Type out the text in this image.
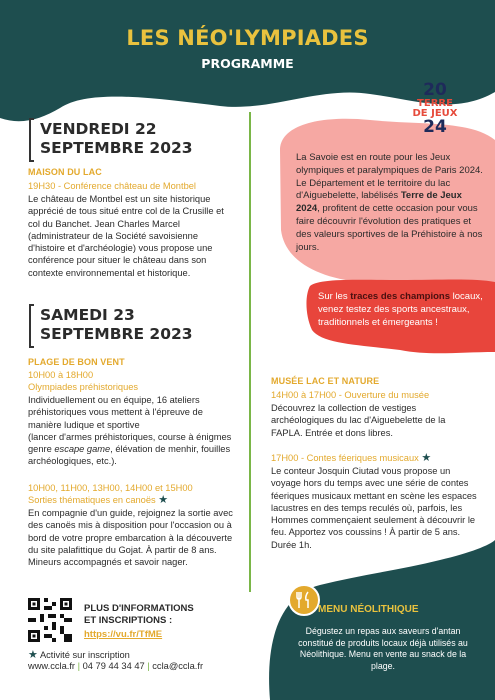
LES NÉO'LYMPIADES
PROGRAMME
20
TERRE
DE JEUX
24
VENDREDI 22
SEPTEMBRE 2023
MAISON DU LAC
19H30 - Conférence château de Montbel
Le château de Montbel est un site historique apprécié de tous situé entre col de la Crusille et col du Banchet. Jean Charles Marcel (administrateur de la Société savoisienne d'histoire et d'archéologie) vous propose une conférence pour situer le château dans son contexte environnemental et historique.
SAMEDI 23
SEPTEMBRE 2023
PLAGE DE BON VENT
10H00 à 18H00
Olympiades préhistoriques
Individuellement ou en équipe, 16 ateliers préhistoriques vous mettent à l'épreuve de manière ludique et sportive
(lancer d'armes préhistoriques, course à énigmes genre escape game, élévation de menhir, fouilles archéologiques, etc.).
10H00, 11H00, 13H00, 14H00 et 15H00
Sorties thématiques en canoës ★
En compagnie d'un guide, rejoignez la sortie avec des canoës mis à disposition pour l'occasion ou à bord de votre propre embarcation à la découverte du site palafittique du Gojat. À partir de 8 ans. Mineurs accompagnés et savoir nager.
La Savoie est en route pour les Jeux olympiques et paralympiques de Paris 2024. Le Département et le territoire du lac d'Aiguebelette, labélisés Terre de Jeux 2024, profitent de cette occasion pour vous faire découvrir l'évolution des pratiques et des valeurs sportives de la Préhistoire à nos jours.
Sur les traces des champions locaux, venez testez des sports ancestraux, traditionnels et émergeants !
MUSÉE LAC ET NATURE
14H00 à 17H00 - Ouverture du musée
Découvrez la collection de vestiges archéologiques du lac d'Aiguebelette de la FAPLA. Entrée et dons libres.
17H00 - Contes féeriques musicaux ★
Le conteur Josquin Ciutad vous propose un voyage hors du temps avec une série de contes féeriques musicaux mettant en scène les espaces lacustres en des temps reculés où, parfois, les Hommes commençaient seulement à découvrir le feu. Apportez vos coussins ! À partir de 5 ans. Durée 1h.
MENU NÉOLITHIQUE
Dégustez un repas aux saveurs d'antan constitué de produits locaux déjà utilisés au Néolithique. Menu en vente au snack de la plage.
PLUS D'INFORMATIONS
ET INSCRIPTIONS :
https://vu.fr/TfME
★ Activité sur inscription
www.ccla.fr | 04 79 44 34 47 | ccla@ccla.fr
